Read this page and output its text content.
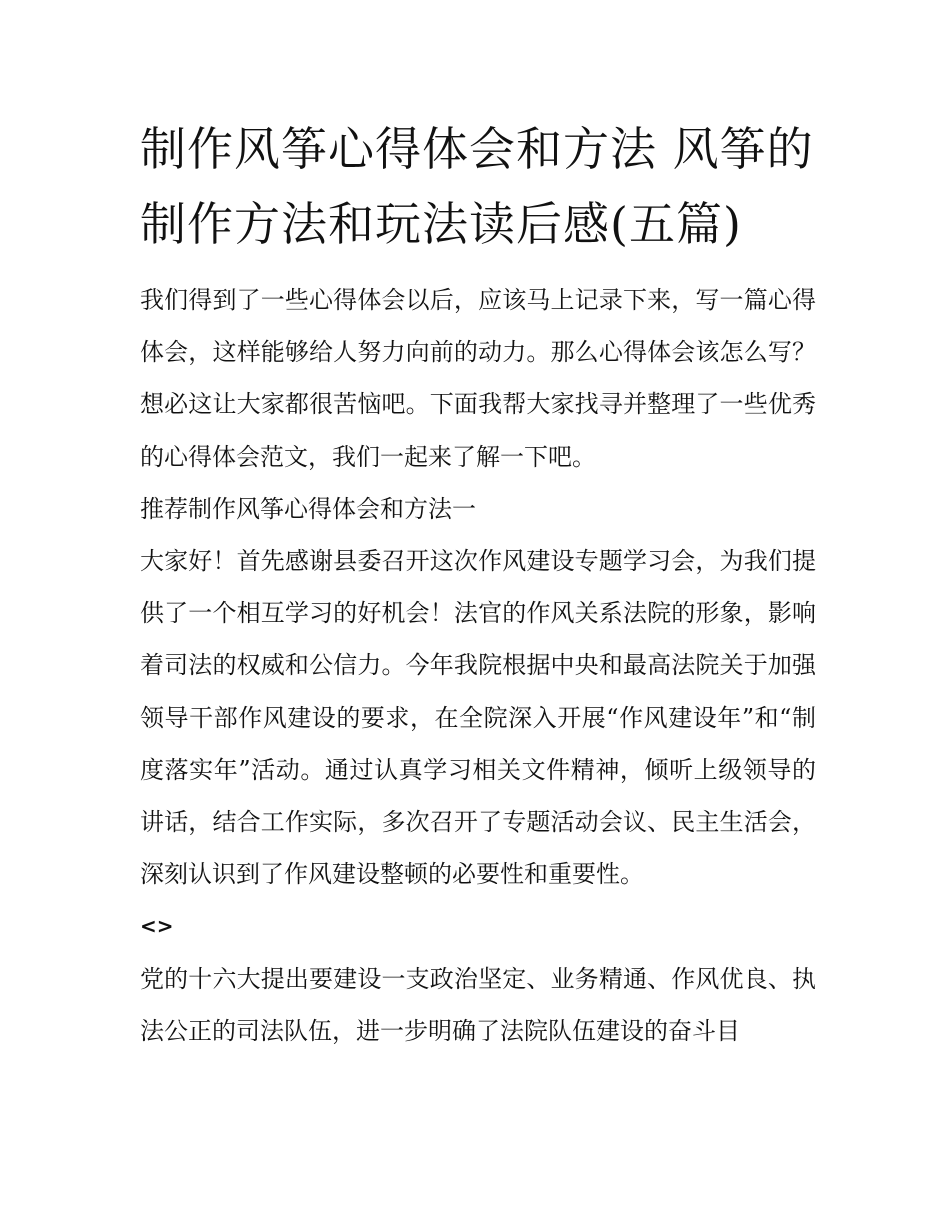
制作风筝心得体会和方法 风筝的制作方法和玩法读后感(五篇)

我们得到了一些心得体会以后，应该马上记录下来，写一篇心得体会，这样能够给人努力向前的动力。那么心得体会该怎么写？想必这让大家都很苦恼吧。下面我帮大家找寻并整理了一些优秀的心得体会范文，我们一起来了解一下吧。

推荐制作风筝心得体会和方法一

大家好！首先感谢县委召开这次作风建设专题学习会，为我们提供了一个相互学习的好机会！法官的作风关系法院的形象，影响着司法的权威和公信力。今年我院根据中央和最高法院关于加强领导干部作风建设的要求，在全院深入开展“作风建设年”和“制度落实年”活动。通过认真学习相关文件精神，倾听上级领导的讲话，结合工作实际，多次召开了专题活动会议、民主生活会，深刻认识到了作风建设整顿的必要性和重要性。

<>

党的十六大提出要建设一支政治坚定、业务精通、作风优良、执法公正的司法队伍，进一步明确了法院队伍建设的奋斗目
